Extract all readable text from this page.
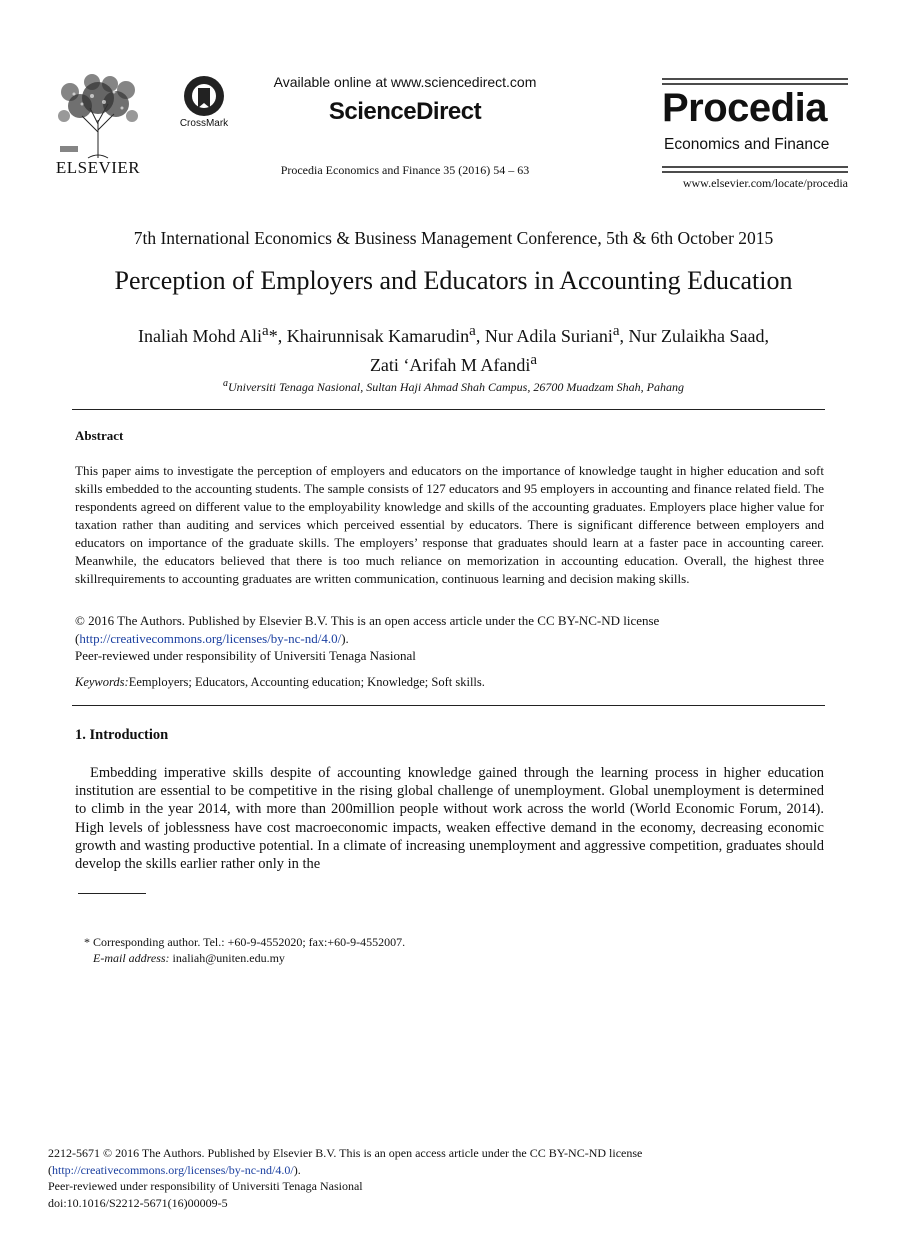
ELSEVIER
CrossMark
Available online at www.sciencedirect.com
ScienceDirect
Procedia Economics and Finance 35 (2016) 54 – 63
Procedia
Economics and Finance
www.elsevier.com/locate/procedia
7th International Economics & Business Management Conference, 5th & 6th October 2015
Perception of Employers and Educators in Accounting Education
Inaliah Mohd Ali$^a$*, Khairunnisak Kamarudin$^a$, Nur Adila Suriani$^a$, Nur Zulaikha Saad,
Zati ‘Arifah M Afandi$^a$
$^a$Universiti Tenaga Nasional, Sultan Haji Ahmad Shah Campus, 26700 Muadzam Shah, Pahang
Abstract
This paper aims to investigate the perception of employers and educators on the importance of knowledge taught in higher education and soft skills embedded to the accounting students. The sample consists of 127 educators and 95 employers in accounting and finance related field. The respondents agreed on different value to the employability knowledge and skills of the accounting graduates. Employers place higher value for taxation rather than auditing and services which perceived essential by educators. There is significant difference between employers and educators on importance of the graduate skills. The employers’ response that graduates should learn at a faster pace in accounting career. Meanwhile, the educators believed that there is too much reliance on memorization in accounting education. Overall, the highest three skillrequirements to accounting graduates are written communication, continuous learning and decision making skills.
© 2016 The Authors. Published by Elsevier B.V. This is an open access article under the CC BY-NC-ND license
(http://creativecommons.org/licenses/by-nc-nd/4.0/).
Peer-reviewed under responsibility of Universiti Tenaga Nasional
Keywords:Eemployers; Educators, Accounting education; Knowledge; Soft skills.
1. Introduction
Embedding imperative skills despite of accounting knowledge gained through the learning process in higher education institution are essential to be competitive in the rising global challenge of unemployment. Global unemployment is determined to climb in the year 2014, with more than 200million people without work across the world (World Economic Forum, 2014). High levels of joblessness have cost macroeconomic impacts, weaken effective demand in the economy, decreasing economic growth and wasting productive potential. In a climate of increasing unemployment and aggressive competition, graduates should develop the skills earlier rather only in the
* Corresponding author. Tel.: +60-9-4552020; fax:+60-9-4552007.
E-mail address: inaliah@uniten.edu.my
2212-5671 © 2016 The Authors. Published by Elsevier B.V. This is an open access article under the CC BY-NC-ND license
(http://creativecommons.org/licenses/by-nc-nd/4.0/).
Peer-reviewed under responsibility of Universiti Tenaga Nasional
doi:10.1016/S2212-5671(16)00009-5
